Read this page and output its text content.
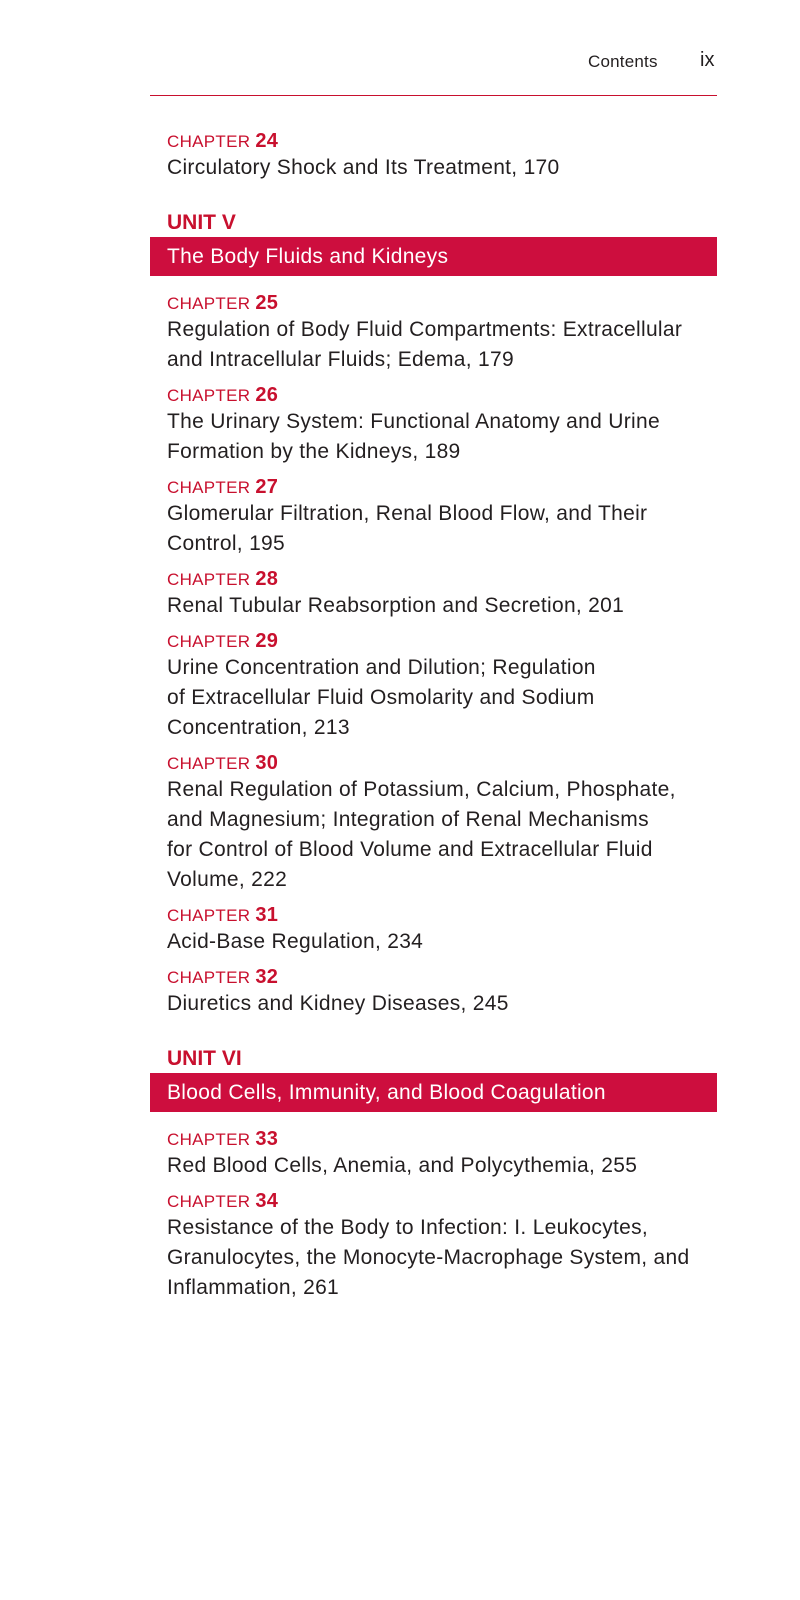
Contents ix
CHAPTER 24
Circulatory Shock and Its Treatment, 170
UNIT V
The Body Fluids and Kidneys
CHAPTER 25
Regulation of Body Fluid Compartments: Extracellular
and Intracellular Fluids; Edema, 179
CHAPTER 26
The Urinary System: Functional Anatomy and Urine
Formation by the Kidneys, 189
CHAPTER 27
Glomerular Filtration, Renal Blood Flow, and Their
Control, 195
CHAPTER 28
Renal Tubular Reabsorption and Secretion, 201
CHAPTER 29
Urine Concentration and Dilution; Regulation
of Extracellular Fluid Osmolarity and Sodium
Concentration, 213
CHAPTER 30
Renal Regulation of Potassium, Calcium, Phosphate,
and Magnesium; Integration of Renal Mechanisms
for Control of Blood Volume and Extracellular Fluid
Volume, 222
CHAPTER 31
Acid-Base Regulation, 234
CHAPTER 32
Diuretics and Kidney Diseases, 245
UNIT VI
Blood Cells, Immunity, and Blood Coagulation
CHAPTER 33
Red Blood Cells, Anemia, and Polycythemia, 255
CHAPTER 34
Resistance of the Body to Infection: I. Leukocytes,
Granulocytes, the Monocyte-Macrophage System, and
Inflammation, 261
